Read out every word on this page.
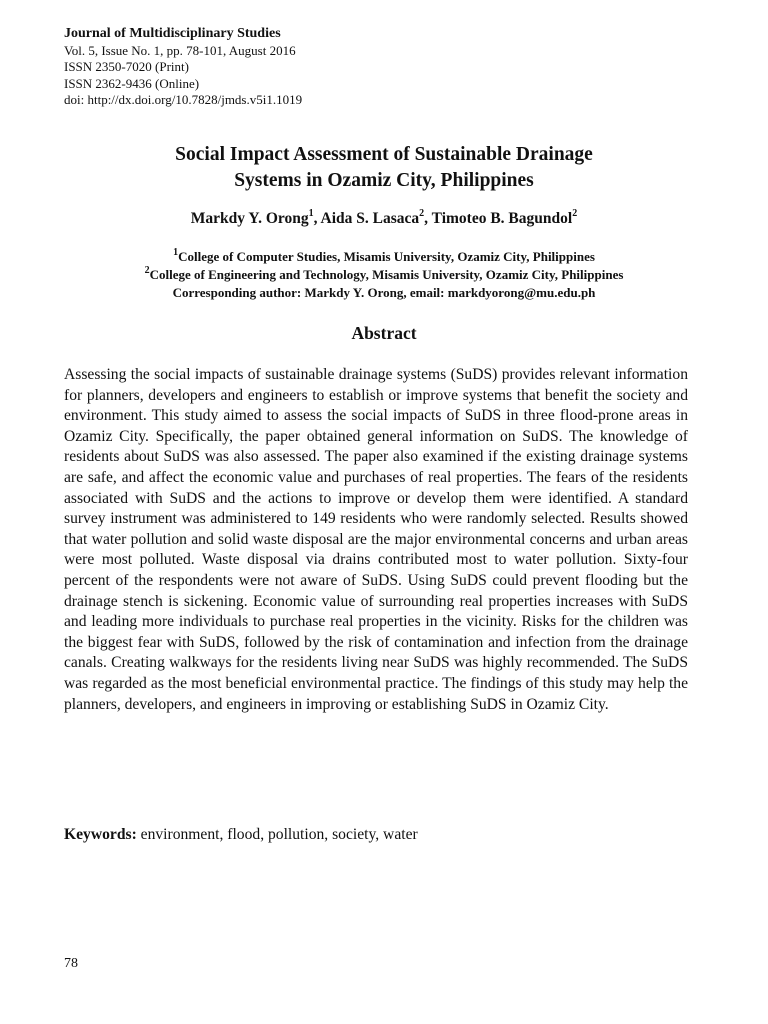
Journal of Multidisciplinary Studies
Vol. 5, Issue No. 1, pp. 78-101, August 2016
ISSN 2350-7020 (Print)
ISSN 2362-9436 (Online)
doi: http://dx.doi.org/10.7828/jmds.v5i1.1019
Social Impact Assessment of Sustainable Drainage
Systems in Ozamiz City, Philippines
Markdy Y. Orong$^1$, Aida S. Lasaca$^2$, Timoteo B. Bagundol$^2$
$^1$College of Computer Studies, Misamis University, Ozamiz City, Philippines
$^2$College of Engineering and Technology, Misamis University, Ozamiz City, Philippines
Corresponding author: Markdy Y. Orong, email: markdyorong@mu.edu.ph
Abstract
Assessing the social impacts of sustainable drainage systems (SuDS) provides relevant information for planners, developers and engineers to establish or improve systems that benefit the society and environment. This study aimed to assess the social impacts of SuDS in three flood-prone areas in Ozamiz City. Specifically, the paper obtained general information on SuDS. The knowledge of residents about SuDS was also assessed. The paper also examined if the existing drainage systems are safe, and affect the economic value and purchases of real properties. The fears of the residents associated with SuDS and the actions to improve or develop them were identified. A standard survey instrument was administered to 149 residents who were randomly selected. Results showed that water pollution and solid waste disposal are the major environmental concerns and urban areas were most polluted. Waste disposal via drains contributed most to water pollution. Sixty-four percent of the respondents were not aware of SuDS. Using SuDS could prevent flooding but the drainage stench is sickening. Economic value of surrounding real properties increases with SuDS and leading more individuals to purchase real properties in the vicinity. Risks for the children was the biggest fear with SuDS, followed by the risk of contamination and infection from the drainage canals. Creating walkways for the residents living near SuDS was highly recommended. The SuDS was regarded as the most beneficial environmental practice. The findings of this study may help the planners, developers, and engineers in improving or establishing SuDS in Ozamiz City.
Keywords: environment, flood, pollution, society, water
78
